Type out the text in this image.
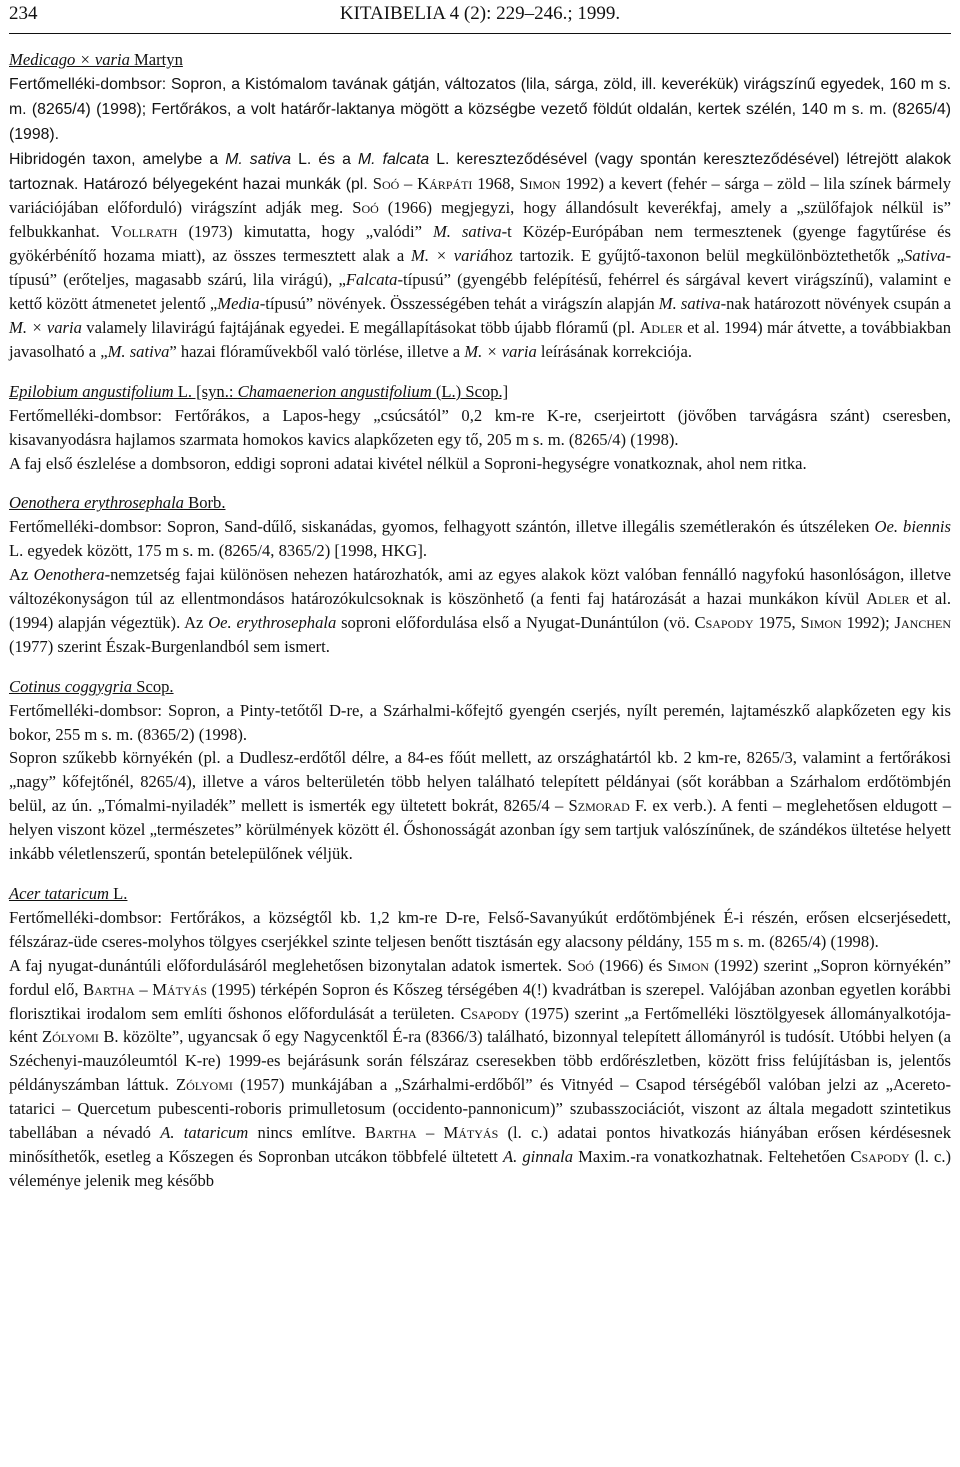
234	KITAIBELIA 4 (2): 229–246.; 1999.

Medicago × varia Martyn

Fertőmelléki-dombsor: Sopron, a Kistómalom tavának gátján, változatos (lila, sárga, zöld, ill. keverékük) virágszínű egyedek, 160 m s. m. (8265/4) (1998); Fertőrákos, a volt határőr-laktanya mögött a községbe vezető földút oldalán, kertek szélén, 140 m s. m. (8265/4) (1998).

Hibridogén taxon, amelybe a M. sativa L. és a M. falcata L. kereszteződésével (vagy spontán kereszteződésével) létrejött alakok tartoznak. Határozó bélyegeként hazai munkák (pl. Soó – Kárpáti 1968, Simon 1992) a kevert (fehér – sárga – zöld – lila színek bármely variációjában előforduló) virágszínt adják meg. Soó (1966) megjegyzi, hogy állandósult keverékfaj, amely a „szülőfajok nélkül is” felbukkanhat. Vollrath (1973) kimutatta, hogy „valódi” M. sativa-t Közép-Európában nem termesztenek (gyenge fagytűrése és gyökérbénítő hozama miatt), az összes termesztett alak a M. × variához tartozik. E gyűjtő-taxonon belül megkülönböztethetők „Sativa-típusú” (erőteljes, magasabb szárú, lila virágú), „Falcata-típusú” (gyengébb felépítésű, fehérrel és sárgával kevert virágszínű), valamint e kettő között átmenetet jelentő „Media-típusú” növények. Összességében tehát a virágszín alapján M. sativa-nak határozott növények csupán a M. × varia valamely lilavirágú fajtájának egyedei. E megállapításokat több újabb flóramű (pl. Adler et al. 1994) már átvette, a továbbiakban javasolható a „M. sativa” hazai flóraművekből való törlése, illetve a M. × varia leírásának korrekciója.

Epilobium angustifolium L. [syn.: Chamaenerion angustifolium (L.) Scop.]

Fertőmelléki-dombsor: Fertőrákos, a Lapos-hegy „csúcsától” 0,2 km-re K-re, cserjeirtott (jövőben tarvágásra szánt) cseresben, kisavanyodásra hajlamos szarmata homokos kavics alapkőzeten egy tő, 205 m s. m. (8265/4) (1998).

A faj első észlelése a dombsoron, eddigi soproni adatai kivétel nélkül a Soproni-hegységre vonatkoznak, ahol nem ritka.

Oenothera erythrosephala Borb.

Fertőmelléki-dombsor: Sopron, Sand-dűlő, siskanádas, gyomos, felhagyott szántón, illetve illegális szemétlerakón és útszéleken Oe. biennis L. egyedek között, 175 m s. m. (8265/4, 8365/2) [1998, HKG].

Az Oenothera-nemzetség fajai különösen nehezen határozhatók, ami az egyes alakok közt valóban fennálló nagyfokú hasonlóságon, illetve változékonyságon túl az ellentmondásos határozókulcsoknak is köszönhető (a fenti faj határozását a hazai munkákon kívül Adler et al. (1994) alapján végeztük). Az Oe. erythrosephala soproni előfordulása első a Nyugat-Dunántúlon (vö. Csapody 1975, Simon 1992); Janchen (1977) szerint Észak-Burgenlandból sem ismert.

Cotinus coggygria Scop.

Fertőmelléki-dombsor: Sopron, a Pinty-tetőtől D-re, a Szárhalmi-kőfejtő gyengén cserjés, nyílt peremén, lajtamészkő alapkőzeten egy kis bokor, 255 m s. m. (8365/2) (1998).

Sopron szűkebb környékén (pl. a Dudlesz-erdőtől délre, a 84-es főút mellett, az országhatártól kb. 2 km-re, 8265/3, valamint a fertőrákosi „nagy” kőfejtőnél, 8265/4), illetve a város belterületén több helyen található telepített példányai (sőt korábban a Szárhalom erdőtömbjén belül, az ún. „Tómalmi-nyiladék” mellett is ismerték egy ültetett bokrát, 8265/4 – Szmorad F. ex verb.). A fenti – meglehetősen eldugott – helyen viszont közel „természetes” körülmények között él. Őshonosságát azonban így sem tartjuk valószínűnek, de szándékos ültetése helyett inkább véletlenszerű, spontán betelepülőnek véljük.

Acer tataricum L.

Fertőmelléki-dombsor: Fertőrákos, a községtől kb. 1,2 km-re D-re, Felső-Savanyúkút erdőtömbjének É-i részén, erősen elcserjésedett, félszáraz-üde cseres-molyhos tölgyes cserjékkel szinte teljesen benőtt tisztásán egy alacsony példány, 155 m s. m. (8265/4) (1998).

A faj nyugat-dunántúli előfordulásáról meglehetősen bizonytalan adatok ismertek. Soó (1966) és Simon (1992) szerint „Sopron környékén” fordul elő, Bartha – Mátyás (1995) térképén Sopron és Kőszeg térségében 4(!) kvadrátban is szerepel. Valójában azonban egyetlen korábbi florisztikai irodalom sem említi őshonos előfordulását a területen. Csapody (1975) szerint „a Fertőmelléki lösztölgyesek állományalkotója-ként Zólyomi B. közölte”, ugyancsak ő egy Nagycenktől É-ra (8366/3) található, bizonnyal telepített állományról is tudósít. Utóbbi helyen (a Széchenyi-mauzóleumtól K-re) 1999-es bejárásunk során félszáraz cseresekben több erdőrészletben, között friss felújításban is, jelentős példányszámban láttuk. Zólyomi (1957) munkájában a „Szárhalmi-erdőből” és Vitnyéd – Csapod térségéből valóban jelzi az „Acereto-tatarici – Quercetum pubescenti-roboris primulletosum (occidento-pannonicum)” szubasszociációt, viszont az általa megadott szintetikus tabellában a névadó A. tataricum nincs említve. Bartha – Mátyás (l. c.) adatai pontos hivatkozás hiányában erősen kérdésesnek minősíthetők, esetleg a Kőszegen és Sopronban utcákon többfelé ültetett A. ginnala Maxim.-ra vonatkozhatnak. Feltehetően Csapody (l. c.) véleménye jelenik meg később
